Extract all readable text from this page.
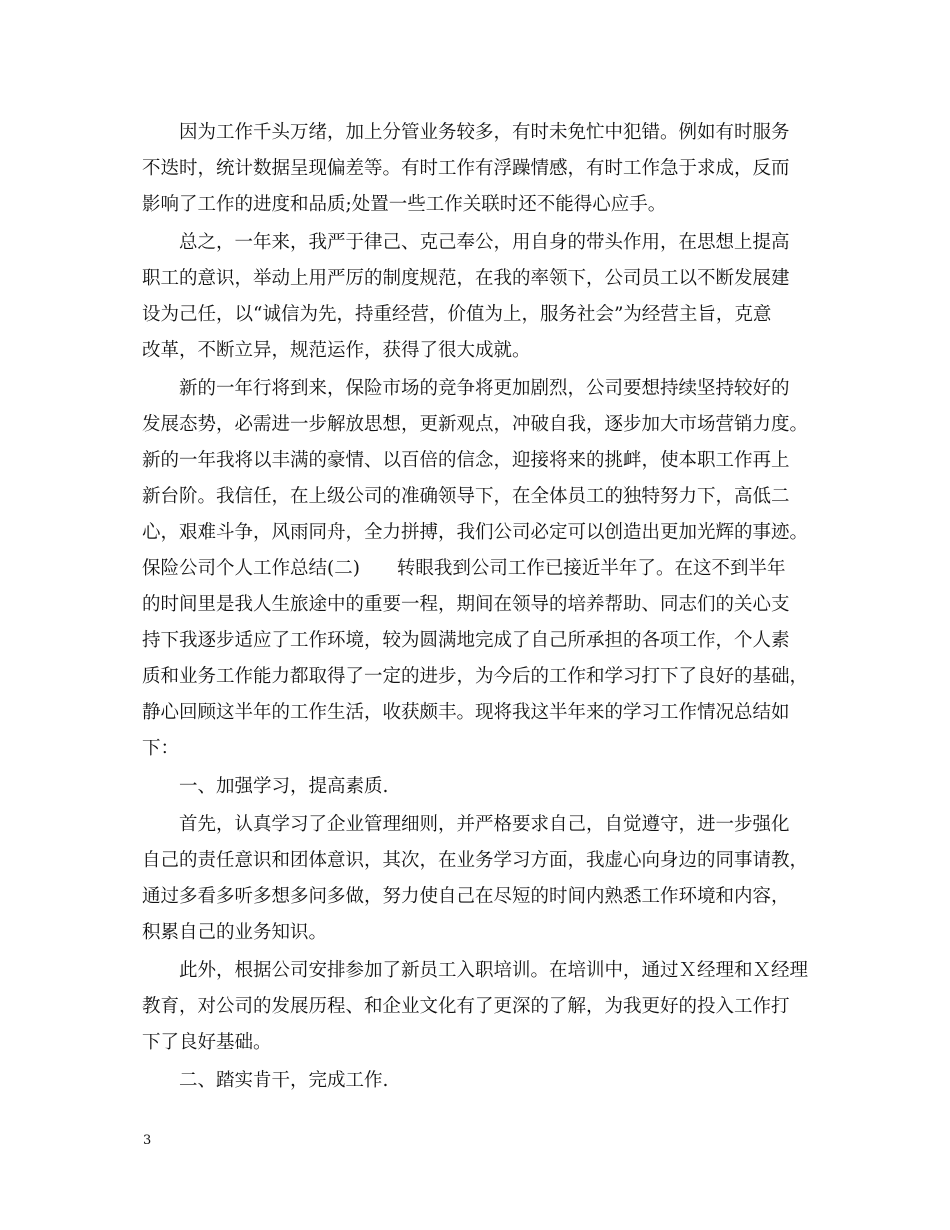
　　因为工作千头万绪，加上分管业务较多，有时未免忙中犯错。例如有时服务
不迭时，统计数据呈现偏差等。有时工作有浮躁情感，有时工作急于求成，反而
影响了工作的进度和品质;处置一些工作关联时还不能得心应手。
　　总之，一年来，我严于律己、克己奉公，用自身的带头作用，在思想上提高
职工的意识，举动上用严厉的制度规范，在我的率领下，公司员工以不断发展建
设为己任，以“诚信为先，持重经营，价值为上，服务社会”为经营主旨，克意
改革，不断立异，规范运作，获得了很大成就。
　　新的一年行将到来，保险市场的竞争将更加剧烈，公司要想持续坚持较好的
发展态势，必需进一步解放思想，更新观点，冲破自我，逐步加大市场营销力度。
新的一年我将以丰满的豪情、以百倍的信念，迎接将来的挑衅，使本职工作再上
新台阶。我信任，在上级公司的准确领导下，在全体员工的独特努力下，高低二
心，艰难斗争，风雨同舟，全力拼搏，我们公司必定可以创造出更加光辉的事迹。
保险公司个人工作总结(二)　　转眼我到公司工作已接近半年了。在这不到半年
的时间里是我人生旅途中的重要一程，期间在领导的培养帮助、同志们的关心支
持下我逐步适应了工作环境，较为圆满地完成了自己所承担的各项工作，个人素
质和业务工作能力都取得了一定的进步，为今后的工作和学习打下了良好的基础，
静心回顾这半年的工作生活，收获颇丰。现将我这半年来的学习工作情况总结如
下：
　　一、加强学习，提高素质.
　　首先，认真学习了企业管理细则，并严格要求自己，自觉遵守，进一步强化
自己的责任意识和团体意识，其次，在业务学习方面，我虚心向身边的同事请教，
通过多看多听多想多问多做，努力使自己在尽短的时间内熟悉工作环境和内容，
积累自己的业务知识。
　　此外，根据公司安排参加了新员工入职培训。在培训中，通过Ｘ经理和Ｘ经理
教育，对公司的发展历程、和企业文化有了更深的了解，为我更好的投入工作打
下了良好基础。
　　二、踏实肯干，完成工作.
3
